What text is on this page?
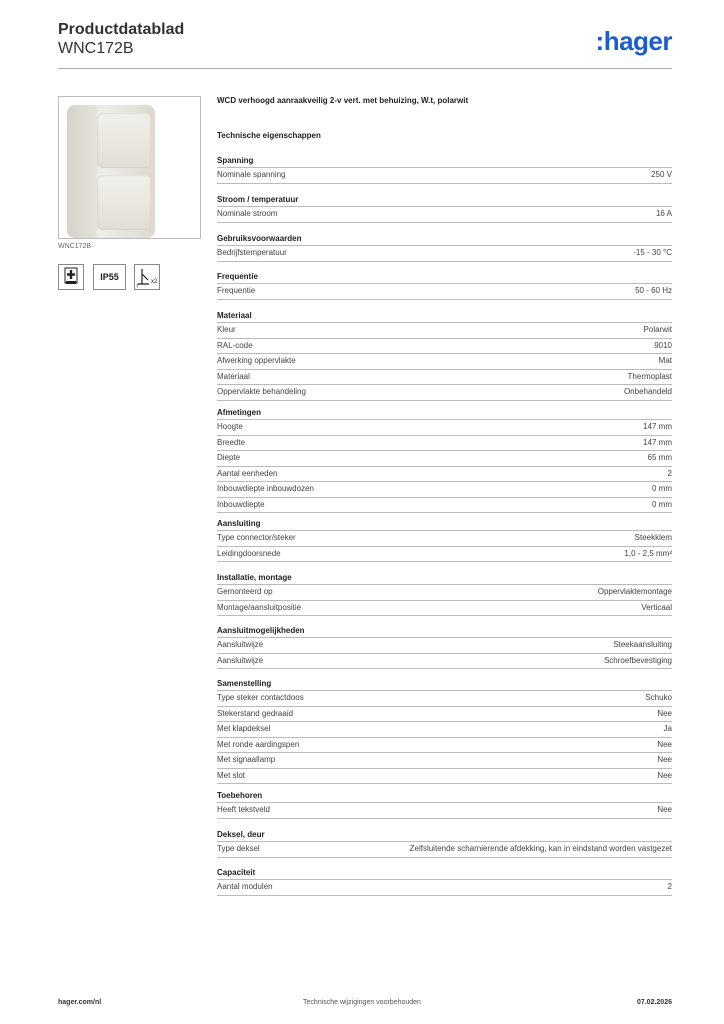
Productdatablad
WNC172B	:hager
WNC172B
IP55
7
x2
WCD verhoogd aanraakveilig 2-v vert. met behuizing, W.t, polarwit
Technische eigenschappen
Spanning
Nominale spanning	250 V
Stroom / temperatuur
Nominale stroom	16 A
Gebruiksvoorwaarden
Bedrijfstemperatuur	-15 - 30 °C
Frequentie
Frequentie	50 - 60 Hz
Materiaal
Kleur	Polarwit
RAL-code	9010
Afwerking oppervlakte	Mat
Materiaal	Thermoplast
Oppervlakte behandeling	Onbehandeld
Afmetingen
Hoogte	147 mm
Breedte	147 mm
Diepte	65 mm
Aantal eenheden	2
Inbouwdiepte inbouwdozen	0 mm
Inbouwdiepte	0 mm
Aansluiting
Type connector/steker	Steekklem
Leidingdoorsnede	1,0 - 2,5 mm²
Installatie, montage
Gemonteerd op	Oppervlaktemontage
Montage/aansluitpositie	Verticaal
Aansluitmogelijkheden
Aansluitwijze	Steekaansluiting
Aansluitwijze	Schroefbevestiging
Samenstelling
Type steker contactdoos	Schuko
Stekerstand gedraaid	Nee
Met klapdeksel	Ja
Met ronde aardingspen	Nee
Met signaallamp	Nee
Met slot	Nee
Toebehoren
Heeft tekstveld	Nee
Deksel, deur
Type deksel	Zelfsluitende scharnierende afdekking, kan in eindstand worden vastgezet
Capaciteit
Aantal modulen	2
hager.com/nl	Technische wijzigingen voorbehouden	07.02.2026
